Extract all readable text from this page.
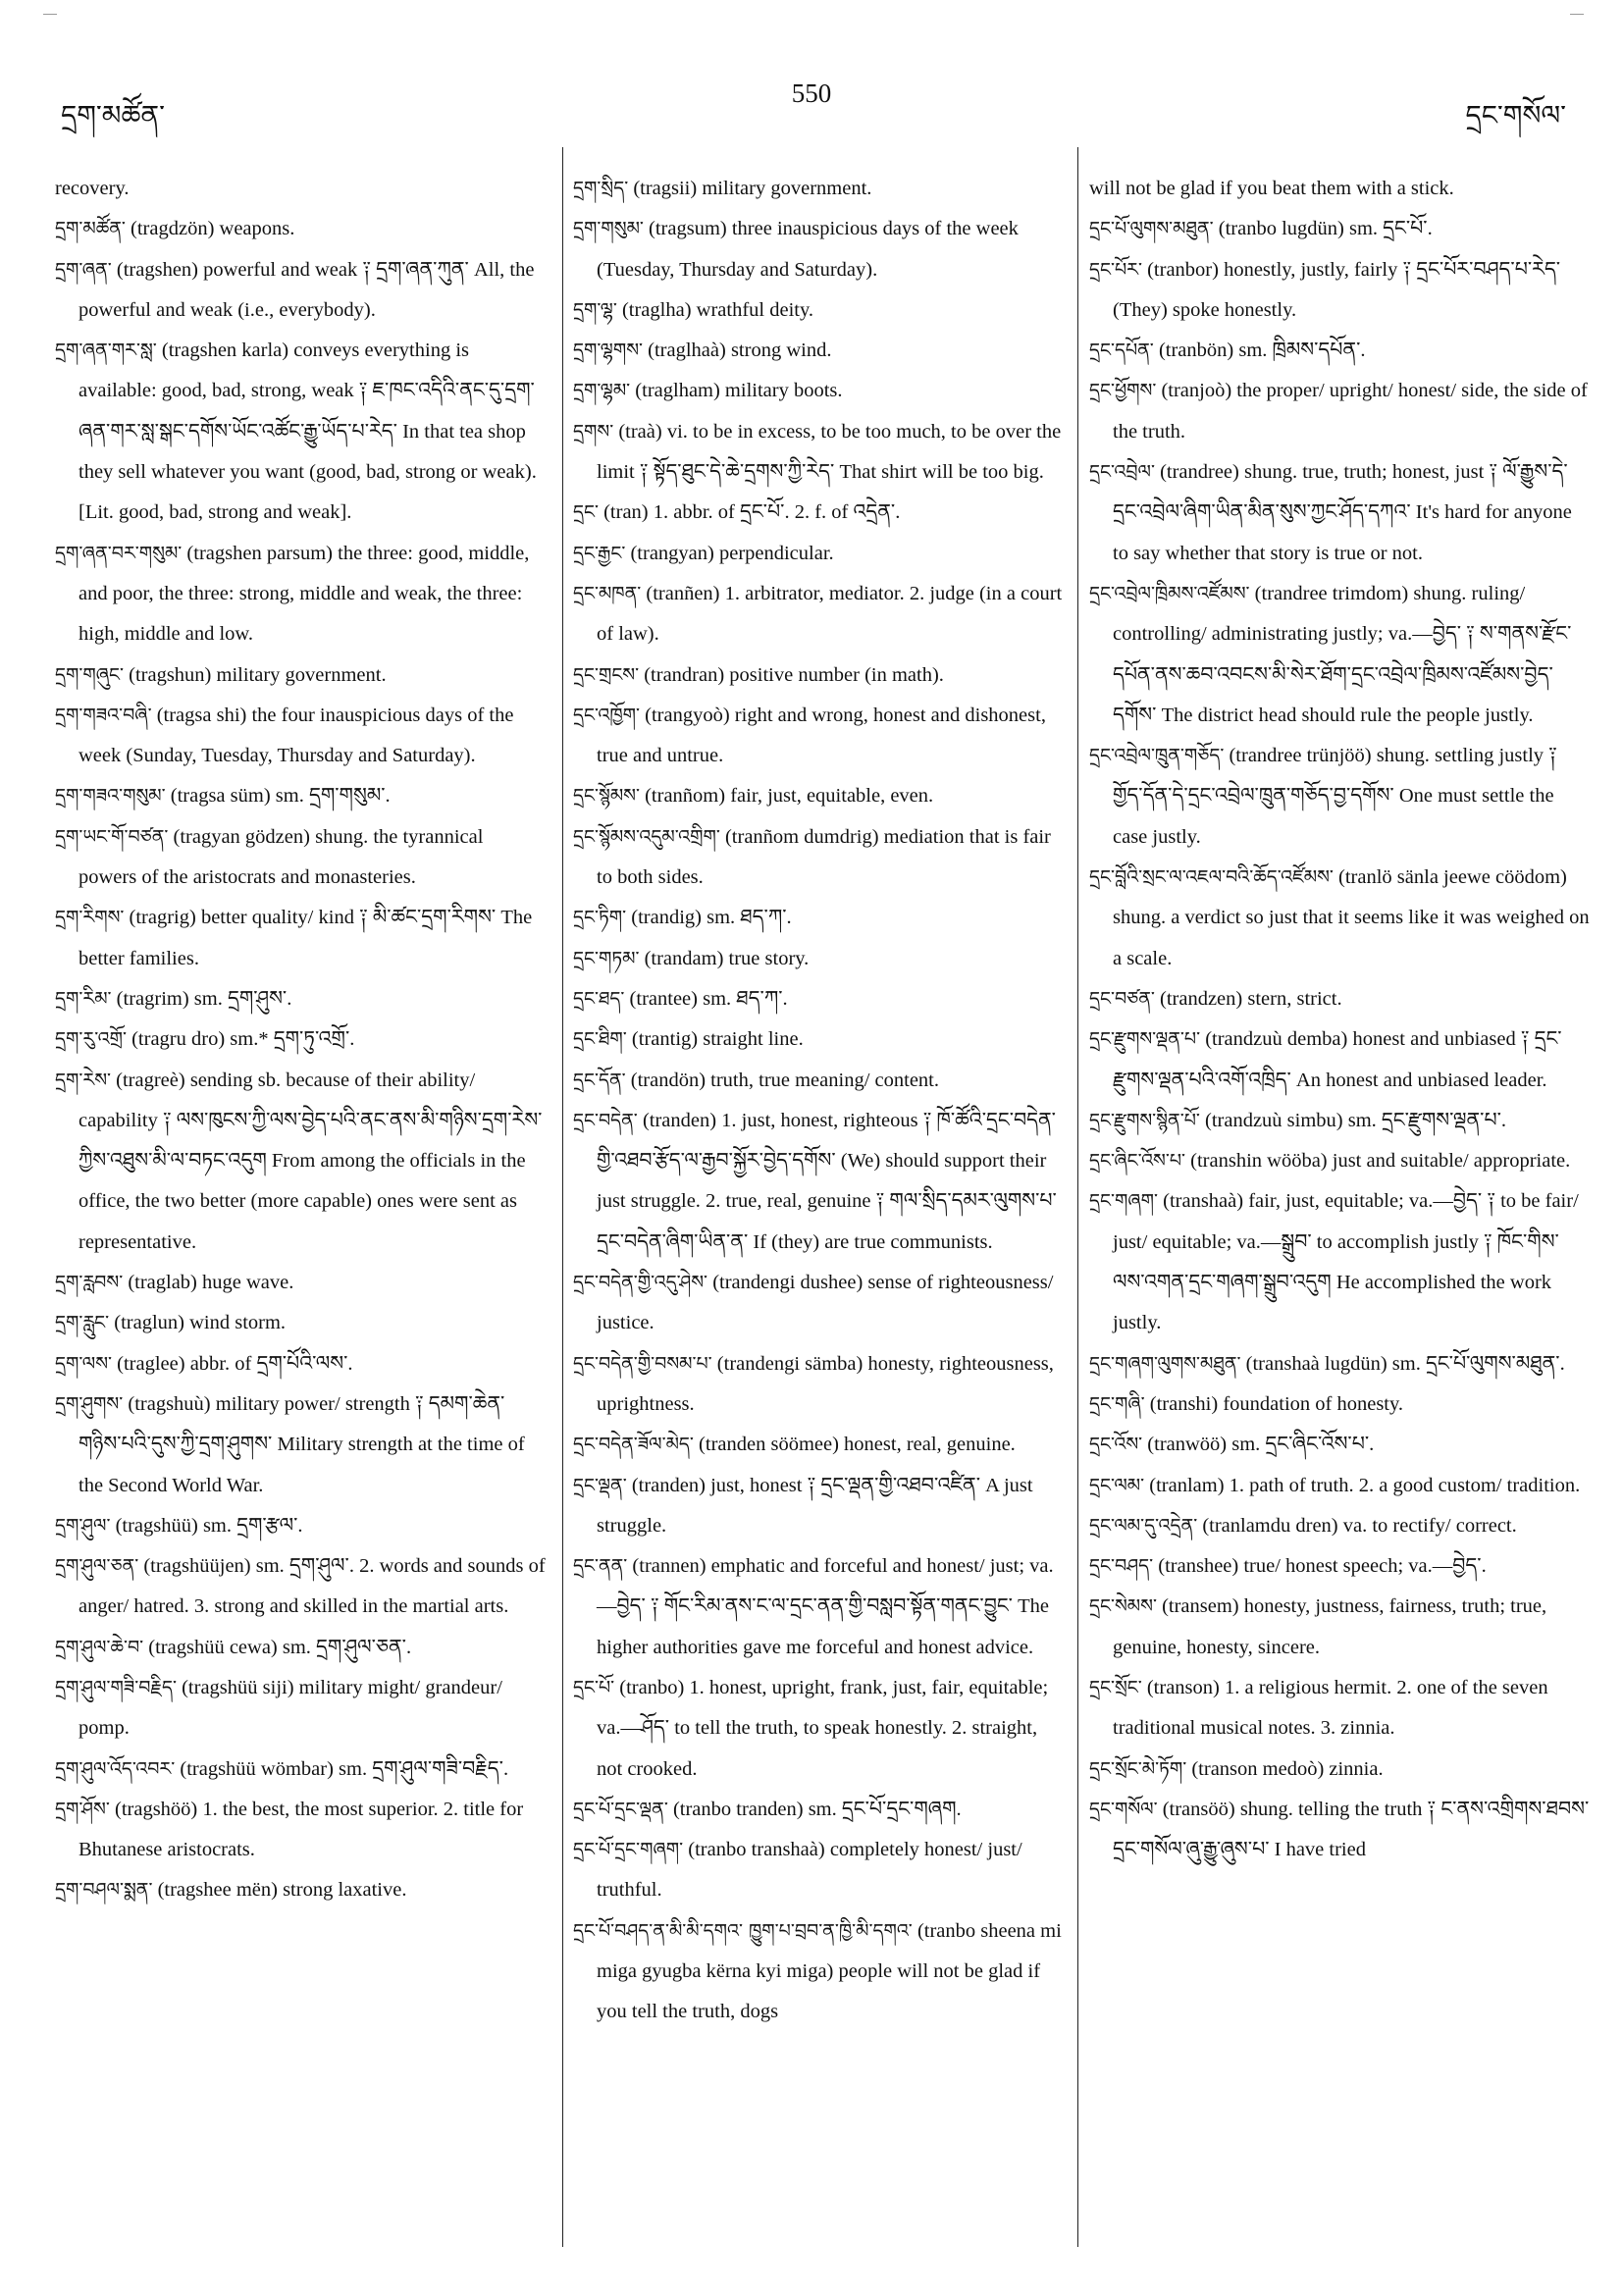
དྲག་མཚོན་
550
དྲང་གསོལ་

recovery.

དྲག་མཚོན་ (tragdzön) weapons.

དྲག་ཞན་ (tragshen) powerful and weak ༑ དྲག་ཞན་ཀུན་ All, the powerful and weak (i.e., everybody).

དྲག་ཞན་གར་སླ་ (tragshen karla) conveys everything is available: good, bad, strong, weak ༑ ཇ་ཁང་འདིའི་ནང་དུ་དྲག་ཞན་གར་སླ་སྒང་དགོས་ཡོང་འཚོང་རྒྱུ་ཡོད་པ་རེད་ In that tea shop they sell whatever you want (good, bad, strong or weak). [Lit. good, bad, strong and weak].

དྲག་ཞན་བར་གསུམ་ (tragshen parsum) the three: good, middle, and poor, the three: strong, middle and weak, the three: high, middle and low.

དྲག་གཞུང་ (tragshun) military government.

དྲག་གཟའ་བཞི་ (tragsa shi) the four inauspicious days of the week (Sunday, Tuesday, Thursday and Saturday).

དྲག་གཟའ་གསུམ་ (tragsa süm) sm. དྲག་གསུམ་.

དྲག་ཡང་གོ་བཙན་ (tragyan gödzen) shung. the tyrannical powers of the aristocrats and monasteries.

དྲག་རིགས་ (tragrig) better quality/ kind ༑ མི་ཚང་དྲག་རིགས་ The better families.

དྲག་རིམ་ (tragrim) sm. དྲག་ཤུས་.

དྲག་རུ་འགྲོ་ (tragru dro) sm.* དྲག་ཏུ་འགྲོ་.

དྲག་རེས་ (tragreè) sending sb. because of their ability/ capability ༑ ལས་ཁུངས་ཀྱི་ལས་བྱེད་པའི་ནང་ནས་མི་གཉིས་དྲག་རེས་ཀྱིས་འཐུས་མི་ལ་བཏང་འདུག From among the officials in the office, the two better (more capable) ones were sent as representative.

དྲག་རླབས་ (traglab) huge wave.

དྲག་རླུང་ (traglun) wind storm.

དྲག་ལས་ (traglee) abbr. of དྲག་པོའི་ལས་.

དྲག་ཤུགས་ (tragshuù) military power/ strength ༑ དམག་ཆེན་གཉིས་པའི་དུས་ཀྱི་དྲག་ཤུགས་ Military strength at the time of the Second World War.

དྲག་ཤུལ་ (tragshüü) sm. དྲག་རྩལ་.

དྲག་ཤུལ་ཅན་ (tragshüüjen) sm. དྲག་ཤུལ་. 2. words and sounds of anger/ hatred. 3. strong and skilled in the martial arts.

དྲག་ཤུལ་ཆེ་བ་ (tragshüü cewa) sm. དྲག་ཤུལ་ཅན་.

དྲག་ཤུལ་གཟི་བརྗིད་ (tragshüü siji) military might/ grandeur/ pomp.

དྲག་ཤུལ་འོད་འབར་ (tragshüü wömbar) sm. དྲག་ཤུལ་གཟི་བརྗིད་.

དྲག་ཤོས་ (tragshöö) 1. the best, the most superior. 2. title for Bhutanese aristocrats.

དྲག་བཤལ་སྨན་ (tragshee mën) strong laxative.

དྲག་སྲིད་ (tragsii) military government.

དྲག་གསུམ་ (tragsum) three inauspicious days of the week (Tuesday, Thursday and Saturday).

དྲག་ལྷ་ (traglha) wrathful deity.

དྲག་ལྷགས་ (traglhaà) strong wind.

དྲག་ལྷམ་ (traglham) military boots.

དྲགས་ (traà) vi. to be in excess, to be too much, to be over the limit ༑ སྟོད་ཐུང་དེ་ཆེ་དྲགས་ཀྱི་རེད་ That shirt will be too big.

དྲང་ (tran) 1. abbr. of དྲང་པོ་. 2. f. of འདྲེན་.

དྲང་རྒྱང་ (trangyan) perpendicular.

དྲང་མཁན་ (tranñen) 1. arbitrator, mediator. 2. judge (in a court of law).

དྲང་གྲངས་ (trandran) positive number (in math).

དྲང་འཁྱོག་ (trangyoò) right and wrong, honest and dishonest, true and untrue.

དྲང་སྙོམས་ (tranñom) fair, just, equitable, even.

དྲང་སྙོམས་འདུམ་འགྲིག་ (tranñom dumdrig) mediation that is fair to both sides.

དྲང་ཏིག་ (trandig) sm. ཐད་ཀ་.

དྲང་གཏམ་ (trandam) true story.

དྲང་ཐད་ (trantee) sm. ཐད་ཀ་.

དྲང་ཐིག་ (trantig) straight line.

དྲང་དོན་ (trandön) truth, true meaning/ content.

དྲང་བདེན་ (tranden) 1. just, honest, righteous ༑ ཁོ་ཚོའི་དྲང་བདེན་གྱི་འཐབ་རྩོད་ལ་རྒྱབ་སྐྱོར་བྱེད་དགོས་ (We) should support their just struggle. 2. true, real, genuine ༑ གལ་སྲིད་དམར་ལུགས་པ་དྲང་བདེན་ཞིག་ཡིན་ན་ If (they) are true communists.

དྲང་བདེན་གྱི་འདུ་ཤེས་ (trandengi dushee) sense of righteousness/ justice.

དྲང་བདེན་གྱི་བསམ་པ་ (trandengi sämba) honesty, righteousness, uprightness.

དྲང་བདེན་ཟོལ་མེད་ (tranden söömee) honest, real, genuine.

དྲང་ལྡན་ (tranden) just, honest ༑ དྲང་ལྡན་གྱི་འཐབ་འཛིན་ A just struggle.

དྲང་ནན་ (trannen) emphatic and forceful and honest/ just; va.—བྱེད་ ༑ གོང་རིམ་ནས་ང་ལ་དྲང་ནན་གྱི་བསླབ་སྟོན་གནང་བྱུང་ The higher authorities gave me forceful and honest advice.

དྲང་པོ་ (tranbo) 1. honest, upright, frank, just, fair, equitable; va.—ཤོད་ to tell the truth, to speak honestly. 2. straight, not crooked.

དྲང་པོ་དྲང་ལྡན་ (tranbo tranden) sm. དྲང་པོ་དྲང་གཞག.

དྲང་པོ་དྲང་གཞག་ (tranbo transhaà) completely honest/ just/ truthful.

དྲང་པོ་བཤད་ན་མི་མི་དགའ་ ཁྱུག་པ་བྲབ་ན་ཁྱི་མི་དགའ་ (tranbo sheena mi miga gyugba kërna kyi miga) people will not be glad if you tell the truth, dogs

will not be glad if you beat them with a stick.

དྲང་པོ་ལུགས་མཐུན་ (tranbo lugdün) sm. དྲང་པོ་.

དྲང་པོར་ (tranbor) honestly, justly, fairly ༑ དྲང་པོར་བཤད་པ་རེད་ (They) spoke honestly.

དྲང་དཔོན་ (tranbön) sm. ཁྲིམས་དཔོན་.

དྲང་ཕྱོགས་ (tranjoò) the proper/ upright/ honest/ side, the side of the truth.

དྲང་འབྲེལ་ (trandree) shung. true, truth; honest, just ༑ ལོ་རྒྱུས་དེ་དྲང་འབྲེལ་ཞིག་ཡིན་མིན་སུས་ཀྱང་ཤོད་དཀའ་ It's hard for anyone to say whether that story is true or not.

དྲང་འབྲེལ་ཁྲིམས་འཛོམས་ (trandree trimdom) shung. ruling/ controlling/ administrating justly; va.—བྱེད་ ༑ ས་གནས་རྫོང་དཔོན་ནས་ཆབ་འབངས་མི་སེར་ཐོག་དྲང་འབྲེལ་ཁྲིམས་འཛོམས་བྱེད་དགོས་ The district head should rule the people justly.

དྲང་འབྲེལ་ཁྲུན་གཅོད་ (trandree trünjöö) shung. settling justly ༑ གྱོད་དོན་དེ་དྲང་འབྲེལ་ཁྲུན་གཅོད་བྱ་དགོས་ One must settle the case justly.

དྲང་བློའི་སྲང་ལ་འཇལ་བའི་ཆོད་འཛོམས་ (tranlö sänla jeewe cöödom) shung. a verdict so just that it seems like it was weighed on a scale.

དྲང་བཙན་ (trandzen) stern, strict.

དྲང་རྫུགས་ལྡན་པ་ (trandzuù demba) honest and unbiased ༑ དྲང་རྫུགས་ལྡན་པའི་འགོ་འཁྲིད་ An honest and unbiased leader.

དྲང་རྫུགས་སྙིན་པོ་ (trandzuù simbu) sm. དྲང་རྫུགས་ལྡན་པ་.

དྲང་ཞིང་འོས་པ་ (transhin wööba) just and suitable/ appropriate.

དྲང་གཞག་ (transhaà) fair, just, equitable; va.—བྱེད་ ༑ to be fair/ just/ equitable; va.—སྒྲུབ་ to accomplish justly ༑ ཁོང་གིས་ལས་འགན་དྲང་གཞག་སྒྲུབ་འདུག He accomplished the work justly.

དྲང་གཞག་ལུགས་མཐུན་ (transhaà lugdün) sm. དྲང་པོ་ལུགས་མཐུན་.

དྲང་གཞི་ (transhi) foundation of honesty.

དྲང་འོས་ (tranwöö) sm. དྲང་ཞིང་འོས་པ་.

དྲང་ལམ་ (tranlam) 1. path of truth. 2. a good custom/ tradition.

དྲང་ལམ་དུ་འདྲེན་ (tranlamdu dren) va. to rectify/ correct.

དྲང་བཤད་ (transhee) true/ honest speech; va.—བྱེད་.

དྲང་སེམས་ (transem) honesty, justness, fairness, truth; true, genuine, honesty, sincere.

དྲང་སྲོང་ (transon) 1. a religious hermit. 2. one of the seven traditional musical notes. 3. zinnia.

དྲང་སྲོང་མེ་ཏོག་ (transon medoò) zinnia.

དྲང་གསོལ་ (transöö) shung. telling the truth ༑ ང་ནས་འགྲིགས་ཐབས་དྲང་གསོལ་ཞུ་རྒྱུ་ཞུས་པ་ I have tried
